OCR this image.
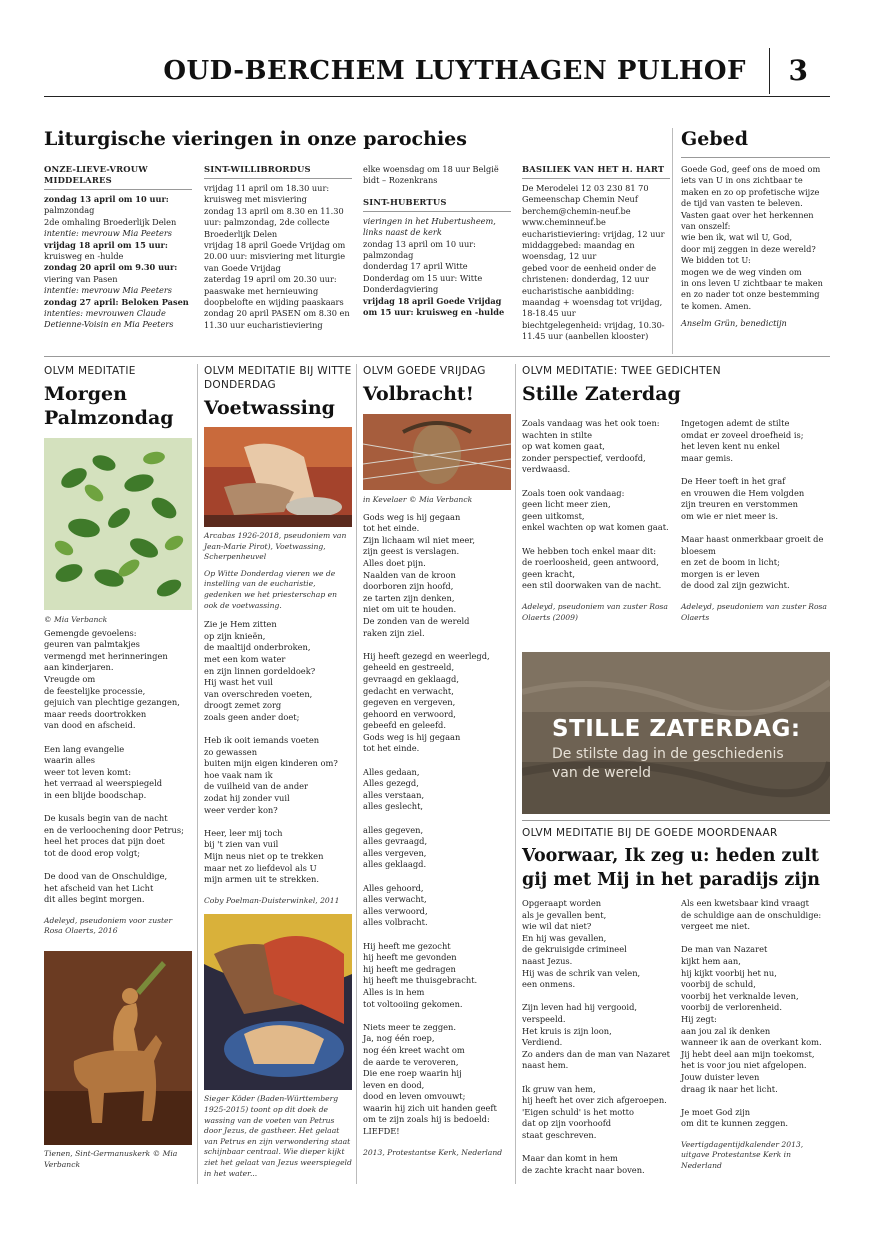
OUD-BERCHEM LUYTHAGEN PULHOF 3
Liturgische vieringen in onze parochies
ONZE-LIEVE-VROUW MIDDELARES

zondag 13 april om 10 uur:

palmzondag

2de omhaling Broederlijk Delen

intentie: mevrouw Mia Peeters

vrijdag 18 april om 15 uur:

kruisweg en -hulde

zondag 20 april om 9.30 uur:

viering van Pasen

intentie: mevrouw Mia Peeters

zondag 27 april: Beloken Pasen

intenties: mevrouwen Claude Detienne-Voisin en Mia Peeters

SINT-WILLIBRORDUS

vrijdag 11 april om 18.30 uur: kruisweg met misviering

zondag 13 april om 8.30 en 11.30 uur: palmzondag, 2de collecte Broederlijk Delen

vrijdag 18 april Goede Vrijdag om 20.00 uur: misviering met liturgie van Goede Vrijdag

zaterdag 19 april om 20.30 uur: paaswake met hernieuwing doopbelofte en wijding paaskaars

zondag 20 april PASEN om 8.30 en 11.30 uur eucharistieviering

elke woensdag om 18 uur België bidt – Rozenkrans
SINT-HUBERTUS

vieringen in het Hubertusheem, links naast de kerk

zondag 13 april om 10 uur: palmzondag

donderdag 17 april Witte Donderdag om 15 uur: Witte Donderdagviering

vrijdag 18 april Goede Vrijdag om 15 uur: kruisweg en -hulde

BASILIEK VAN HET H. HART

De Merodelei 12 03 230 81 70

Gemeenschap Chemin Neuf

berchem@chemin-neuf.be

www.cheminneuf.be

eucharistieviering: vrijdag, 12 uur

middaggebed: maandag en woensdag, 12 uur

gebed voor de eenheid onder de christenen: donderdag, 12 uur

eucharistische aanbidding: maandag + woensdag tot vrijdag, 18-18.45 uur

biechtgelegenheid: vrijdag, 10.30-11.45 uur (aanbellen klooster)

Gebed
Goede God, geef ons de moed om iets van U in ons zichtbaar te maken en zo op profetische wijze de tijd van vasten te beleven.
Vasten gaat over het herkennen van onszelf:
wie ben ik, wat wil U, God,
door mij zeggen in deze wereld?
We bidden tot U:
mogen we de weg vinden om
in ons leven U zichtbaar te maken
en zo nader tot onze bestemming te komen. Amen.
Anselm Grün, benedictijn
OLVM MEDITATIE
Morgen Palmzondag
© Mia Verbanck
Gemengde gevoelens:
geuren van palmtakjes
vermengd met herinneringen
aan kinderjaren.
Vreugde om
de feestelijke processie,
gejuich van plechtige gezangen,
maar reeds doortrokken
van dood en afscheid.

Een lang evangelie
waarin alles
weer tot leven komt:
het verraad al weerspiegeld
in een blijde boodschap.

De kusals begin van de nacht
en de verloochening door Petrus;
heel het proces dat pijn doet
tot de dood erop volgt;

De dood van de Onschuldige,
het afscheid van het Licht
dit alles begint morgen.
Adeleyd, pseudoniem voor zuster Rosa Olaerts, 2016
Tienen, Sint-Germanuskerk © Mia Verbanck
OLVM MEDITATIE BIJ WITTE DONDERDAG
Voetwassing
Arcabas 1926-2018, pseudoniem van Jean-Marie Pirot), Voetwassing, Scherpenheuvel
Op Witte Donderdag vieren we de instelling van de eucharistie, gedenken we het priesterschap en ook de voetwassing.
Zie je Hem zitten
op zijn knieën,
de maaltijd onderbroken,
met een kom water
en zijn linnen gordeldoek?
Hij wast het vuil
van overschreden voeten,
droogt zemet zorg
zoals geen ander doet;

Heb ik ooit iemands voeten
zo gewassen
buiten mijn eigen kinderen om?
hoe vaak nam ik
de vuilheid van de ander
zodat hij zonder vuil
weer verder kon?

Heer, leer mij toch
bij 't zien van vuil
Mijn neus niet op te trekken
maar net zo liefdevol als U
mijn armen uit te strekken.
Coby Poelman-Duisterwinkel, 2011
Sieger Köder (Baden-Württemberg 1925-2015) toont op dit doek de wassing van de voeten van Petrus door Jezus, de gastheer. Het gelaat van Petrus en zijn verwondering staat schijnbaar centraal. Wie dieper kijkt ziet het gelaat van Jezus weerspiegeld in het water...
OLVM GOEDE VRIJDAG
Volbracht!
in Kevelaer © Mia Verbanck
Gods weg is hij gegaan
tot het einde.
Zijn lichaam wil niet meer,
zijn geest is verslagen.
Alles doet pijn.
Naalden van de kroon
doorboren zijn hoofd,
ze tarten zijn denken,
niet om uit te houden.
De zonden van de wereld
raken zijn ziel.

Hij heeft gezegd en weerlegd,
geheeld en gestreeld,
gevraagd en geklaagd,
gedacht en verwacht,
gegeven en vergeven,
gehoord en verwoord,
gebeefd en geleefd.
Gods weg is hij gegaan
tot het einde.

Alles gedaan,
Alles gezegd,
alles verstaan,
alles geslecht,

alles gegeven,
alles gevraagd,
alles vergeven,
alles geklaagd.

Alles gehoord,
alles verwacht,
alles verwoord,
alles volbracht.

Hij heeft me gezocht
hij heeft me gevonden
hij heeft me gedragen
hij heeft me thuisgebracht.
Alles is in hem
tot voltooiing gekomen.

Niets meer te zeggen.
Ja, nog één roep,
nog één kreet wacht om
de aarde te veroveren,
Die ene roep waarin hij
leven en dood,
dood en leven omvouwt;
waarin hij zich uit handen geeft
om te zijn zoals hij is bedoeld:
LIEFDE!
2013, Protestantse Kerk, Nederland
OLVM MEDITATIE: TWEE GEDICHTEN
Stille Zaterdag
Zoals vandaag was het ook toen:
wachten in stilte
op wat komen gaat,
zonder perspectief, verdoofd,
verdwaasd.

Zoals toen ook vandaag:
geen licht meer zien,
geen uitkomst,
enkel wachten op wat komen gaat.

We hebben toch enkel maar dit:
de roerloosheid, geen antwoord,
geen kracht,
een stil doorwaken van de nacht.
Adeleyd, pseudoniem van zuster Rosa Olaerts (2009)
Ingetogen ademt de stilte
omdat er zoveel droefheid is;
het leven kent nu enkel
maar gemis.

De Heer toeft in het graf
en vrouwen die Hem volgden
zijn treuren en verstommen
om wie er niet meer is.

Maar haast onmerkbaar groeit de bloesem
en zet de boom in licht;
morgen is er leven
de dood zal zijn gezwicht.
Adeleyd, pseudoniem van zuster Rosa Olaerts
STILLE ZATERDAG:
De stilste dag in de geschiedenis
van de wereld
OLVM MEDITATIE BIJ DE GOEDE MOORDENAAR
Voorwaar, Ik zeg u: heden zult gij met Mij in het paradijs zijn
Opgeraapt worden
als je gevallen bent,
wie wil dat niet?
En hij was gevallen,
de gekruisigde crimineel
naast Jezus.
Hij was de schrik van velen,
een onmens.

Zijn leven had hij vergooid,
verspeeld.
Het kruis is zijn loon,
Verdiend.
Zo anders dan de man van Nazaret
naast hem.

Ik gruw van hem,
hij heeft het over zich afgeroepen.
'Eigen schuld' is het motto
dat op zijn voorhoofd
staat geschreven.

Maar dan komt in hem
de zachte kracht naar boven.
Als een kwetsbaar kind vraagt
de schuldige aan de onschuldige:
vergeet me niet.

De man van Nazaret
kijkt hem aan,
hij kijkt voorbij het nu,
voorbij de schuld,
voorbij het verknalde leven,
voorbij de verlorenheid.
Hij zegt:
aan jou zal ik denken
wanneer ik aan de overkant kom.
Jij hebt deel aan mijn toekomst,
het is voor jou niet afgelopen.
Jouw duister leven
draag ik naar het licht.

Je moet God zijn
om dit te kunnen zeggen.
Veertigdagentijdkalender 2013, uitgave Protestantse Kerk in Nederland
